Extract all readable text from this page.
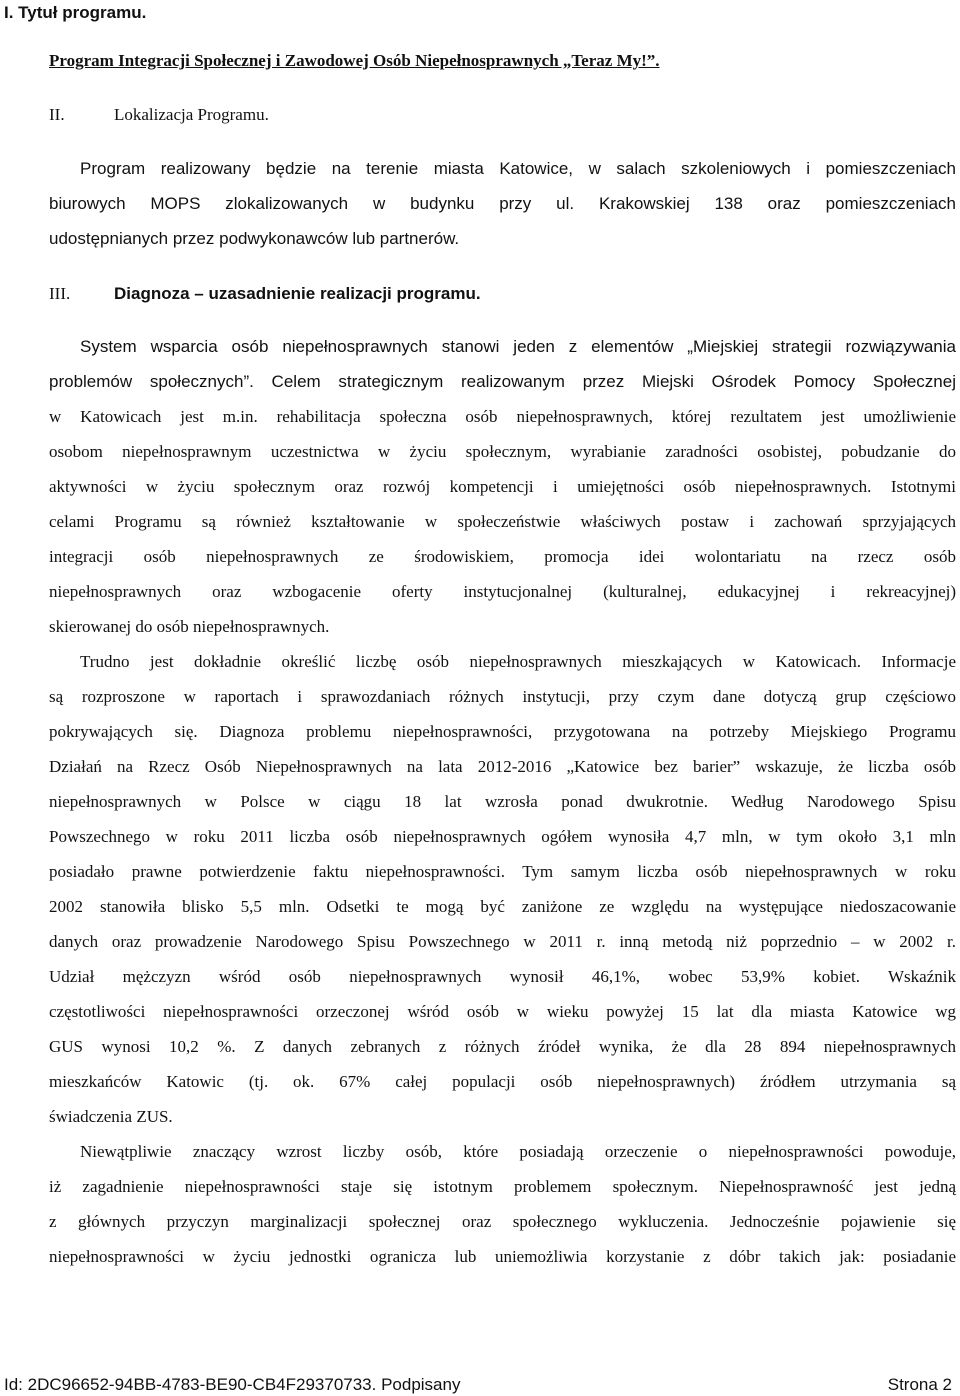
I. Tytuł programu.
Program Integracji Społecznej i Zawodowej Osób Niepełnosprawnych „Teraz My!”.
II.	Lokalizacja Programu.
Program realizowany będzie na terenie miasta Katowice, w salach szkoleniowych i pomieszczeniach
biurowych MOPS zlokalizowanych w budynku przy ul. Krakowskiej 138 oraz pomieszczeniach
udostępnianych przez podwykonawców lub partnerów.
III.	Diagnoza – uzasadnienie realizacji programu.
System wsparcia osób niepełnosprawnych stanowi jeden z elementów „Miejskiej strategii rozwiązywania
problemów społecznych”. Celem strategicznym realizowanym przez Miejski Ośrodek Pomocy Społecznej
w Katowicach jest m.in. rehabilitacja społeczna osób niepełnosprawnych, której rezultatem jest umożliwienie
osobom niepełnosprawnym uczestnictwa w życiu społecznym, wyrabianie zaradności osobistej, pobudzanie do
aktywności w życiu społecznym oraz rozwój kompetencji i umiejętności osób niepełnosprawnych. Istotnymi
celami Programu są również kształtowanie w społeczeństwie właściwych postaw i zachowań sprzyjających
integracji osób niepełnosprawnych ze środowiskiem, promocja idei wolontariatu na rzecz osób
niepełnosprawnych oraz wzbogacenie oferty instytucjonalnej (kulturalnej, edukacyjnej i rekreacyjnej)
skierowanej do osób niepełnosprawnych.
Trudno jest dokładnie określić liczbę osób niepełnosprawnych mieszkających w Katowicach. Informacje
są rozproszone w raportach i sprawozdaniach różnych instytucji, przy czym dane dotyczą grup częściowo
pokrywających się. Diagnoza problemu niepełnosprawności, przygotowana na potrzeby Miejskiego Programu
Działań na Rzecz Osób Niepełnosprawnych na lata 2012-2016 „Katowice bez barier” wskazuje, że liczba osób
niepełnosprawnych w Polsce w ciągu 18 lat wzrosła ponad dwukrotnie. Według Narodowego Spisu
Powszechnego w roku 2011 liczba osób niepełnosprawnych ogółem wynosiła 4,7 mln, w tym około 3,1 mln
posiadało prawne potwierdzenie faktu niepełnosprawności. Tym samym liczba osób niepełnosprawnych w roku
2002 stanowiła blisko 5,5 mln. Odsetki te mogą być zaniżone ze względu na występujące niedoszacowanie
danych oraz prowadzenie Narodowego Spisu Powszechnego w 2011 r. inną metodą niż poprzednio – w 2002 r.
Udział mężczyzn wśród osób niepełnosprawnych wynosił 46,1%, wobec 53,9% kobiet. Wskaźnik
częstotliwości niepełnosprawności orzeczonej wśród osób w wieku powyżej 15 lat dla miasta Katowice wg
GUS wynosi 10,2 %. Z danych zebranych z różnych źródeł wynika, że dla 28 894 niepełnosprawnych
mieszkańców Katowic (tj. ok. 67% całej populacji osób niepełnosprawnych) źródłem utrzymania są
świadczenia ZUS.
Niewątpliwie znaczący wzrost liczby osób, które posiadają orzeczenie o niepełnosprawności powoduje,
iż zagadnienie niepełnosprawności staje się istotnym problemem społecznym. Niepełnosprawność jest jedną
z głównych przyczyn marginalizacji społecznej oraz społecznego wykluczenia. Jednocześnie pojawienie się
niepełnosprawności w życiu jednostki ogranicza lub uniemożliwia korzystanie z dóbr takich jak: posiadanie
Id: 2DC96652-94BB-4783-BE90-CB4F29370733. Podpisany	Strona 2
